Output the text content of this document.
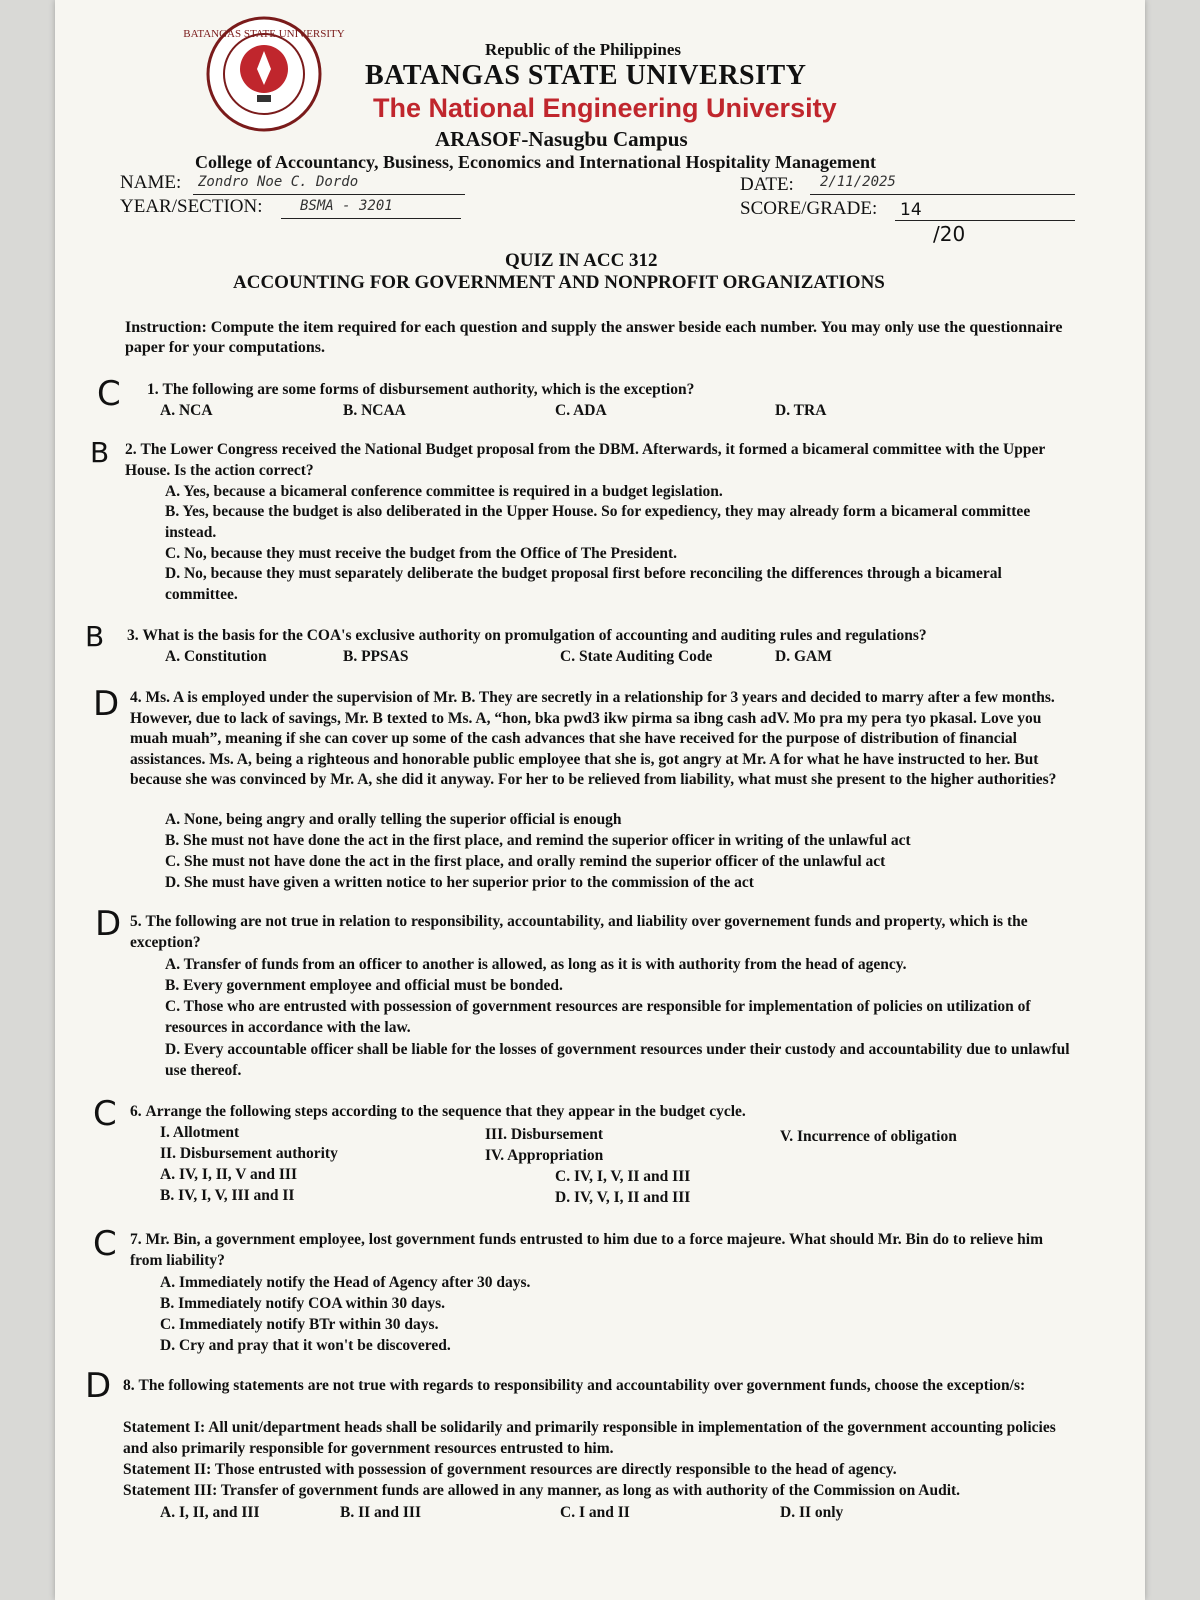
BATANGAS STATE UNIVERSITY
Republic of the Philippines
BATANGAS STATE UNIVERSITY
The National Engineering University
ARASOF-Nasugbu Campus
College of Accountancy, Business, Economics and International Hospitality Management
NAME: Zondro Noe C. Dordo
YEAR/SECTION:	BSMA - 3201
DATE: 2/11/2025
SCORE/GRADE: 14
/20
QUIZ IN ACC 312
ACCOUNTING FOR GOVERNMENT AND NONPROFIT ORGANIZATIONS
Instruction: Compute the item required for each question and supply the answer beside each number. You may only use the questionnaire paper for your computations.
C 1. The following are some forms of disbursement authority, which is the exception?
A. NCA	B. NCAA	C. ADA	D. TRA
B 2. The Lower Congress received the National Budget proposal from the DBM. Afterwards, it formed a bicameral committee with the Upper House. Is the action correct?
A. Yes, because a bicameral conference committee is required in a budget legislation.
B. Yes, because the budget is also deliberated in the Upper House. So for expediency, they may already form a bicameral committee instead.
C. No, because they must receive the budget from the Office of The President.
D. No, because they must separately deliberate the budget proposal first before reconciling the differences through a bicameral committee.
B 3. What is the basis for the COA's exclusive authority on promulgation of accounting and auditing rules and regulations?
A. Constitution	B. PPSAS	C. State Auditing Code	D. GAM
D 4. Ms. A is employed under the supervision of Mr. B. They are secretly in a relationship for 3 years and decided to marry after a few months. However, due to lack of savings, Mr. B texted to Ms. A, “hon, bka pwd3 ikw pirma sa ibng cash adV. Mo pra my pera tyo pkasal. Love you muah muah”, meaning if she can cover up some of the cash advances that she have received for the purpose of distribution of financial assistances. Ms. A, being a righteous and honorable public employee that she is, got angry at Mr. A for what he have instructed to her. But because she was convinced by Mr. A, she did it anyway. For her to be relieved from liability, what must she present to the higher authorities?
A. None, being angry and orally telling the superior official is enough
B. She must not have done the act in the first place, and remind the superior officer in writing of the unlawful act
C. She must not have done the act in the first place, and orally remind the superior officer of the unlawful act
D. She must have given a written notice to her superior prior to the commission of the act
D 5. The following are not true in relation to responsibility, accountability, and liability over governement funds and property, which is the exception?
A. Transfer of funds from an officer to another is allowed, as long as it is with authority from the head of agency.
B. Every government employee and official must be bonded.
C. Those who are entrusted with possession of government resources are responsible for implementation of policies on utilization of resources in accordance with the law.
D. Every accountable officer shall be liable for the losses of government resources under their custody and accountability due to unlawful use thereof.
C 6. Arrange the following steps according to the sequence that they appear in the budget cycle.
I. Allotment
II. Disbursement authority
III. Disbursement
IV. Appropriation
V. Incurrence of obligation
A. IV, I, II, V and III
B. IV, I, V, III and II
C. IV, I, V, II and III
D. IV, V, I, II and III
C 7. Mr. Bin, a government employee, lost government funds entrusted to him due to a force majeure. What should Mr. Bin do to relieve him from liability?
A. Immediately notify the Head of Agency after 30 days.
B. Immediately notify COA within 30 days.
C. Immediately notify BTr within 30 days.
D. Cry and pray that it won't be discovered.
D 8. The following statements are not true with regards to responsibility and accountability over government funds, choose the exception/s:
Statement I: All unit/department heads shall be solidarily and primarily responsible in implementation of the government accounting policies and also primarily responsible for government resources entrusted to him.
Statement II: Those entrusted with possession of government resources are directly responsible to the head of agency.
Statement III: Transfer of government funds are allowed in any manner, as long as with authority of the Commission on Audit.
A. I, II, and III	B. II and III	C. I and II	D. II only
